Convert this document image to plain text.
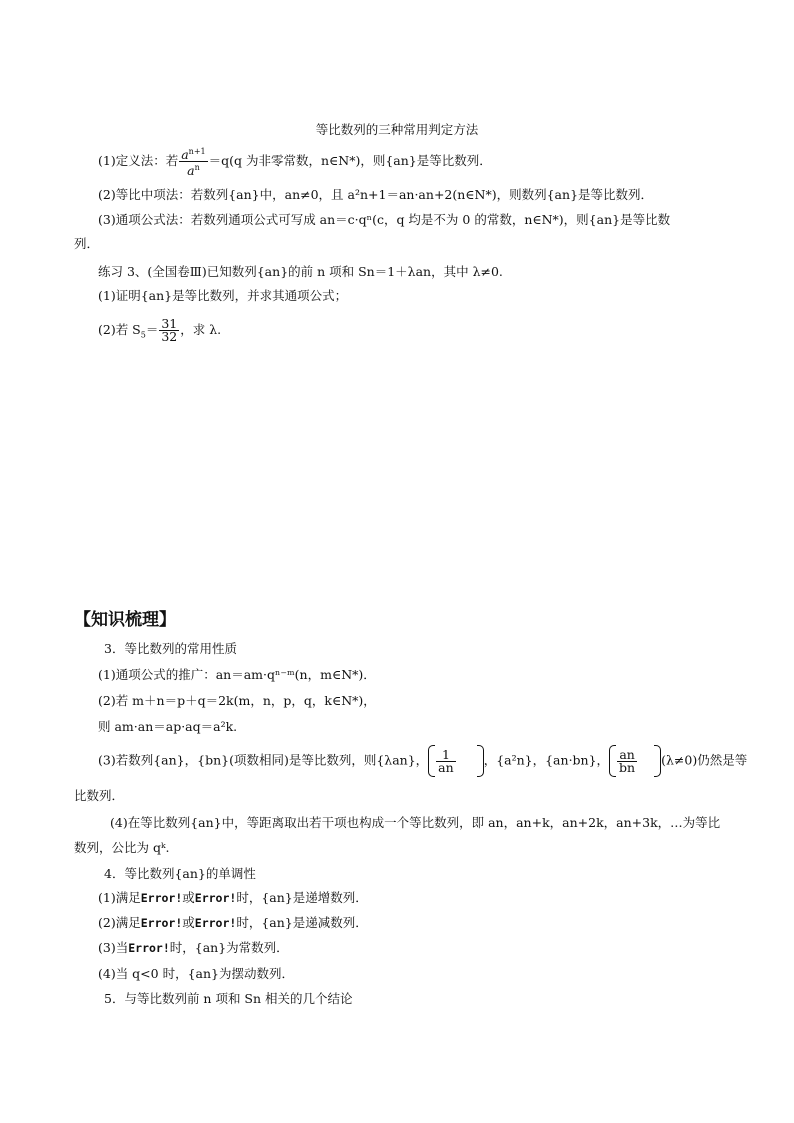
等比数列的三种常用判定方法
(1)定义法：若 $\frac{a^{n+1}}{a^n} =q(q$ 为非零常数，n∈N*)，则{an}是等比数列．
(2)等比中项法：若数列{an}中，an≠0，且 a²n+1＝an·an+2(n∈N*)，则数列{an}是等比数列．
(3)通项公式法：若数列通项公式可写成 an＝c·qⁿ(c，q 均是不为 0 的常数，n∈N*)，则{an}是等比数
列．
练习 3、(全国卷Ⅲ)已知数列{an}的前 n 项和 Sn＝1＋λan，其中 λ≠0.
(1)证明{an}是等比数列，并求其通项公式；
(2)若 $S_5= \frac{31}{32}$ ，求 λ.
【知识梳理】
3．等比数列的常用性质
(1)通项公式的推广：an＝am·qⁿ⁻ᵐ(n，m∈N*)．
(2)若 m＋n＝p＋q＝2k(m，n，p，q，k∈N*)，
则 am·an＝ap·aq＝a²k.
(3)若数列{an}，{bn}(项数相同)是等比数列，则{λan}， $\frac{1}{an}$ ，{a²n}，{an·bn}， $\frac{an}{bn} (\lambda\ne 0)$仍然是等
比数列．
(4)在等比数列{an}中，等距离取出若干项也构成一个等比数列，即 an，an+k，an+2k，an+3k，…为等比
数列，公比为 qᵏ.
4．等比数列{an}的单调性
(1)满足Error!或Error!时，{an}是递增数列．
(2)满足Error!或Error!时，{an}是递减数列．
(3)当Error!时，{an}为常数列．
(4)当 q<0 时，{an}为摆动数列．
5．与等比数列前 n 项和 Sn 相关的几个结论
